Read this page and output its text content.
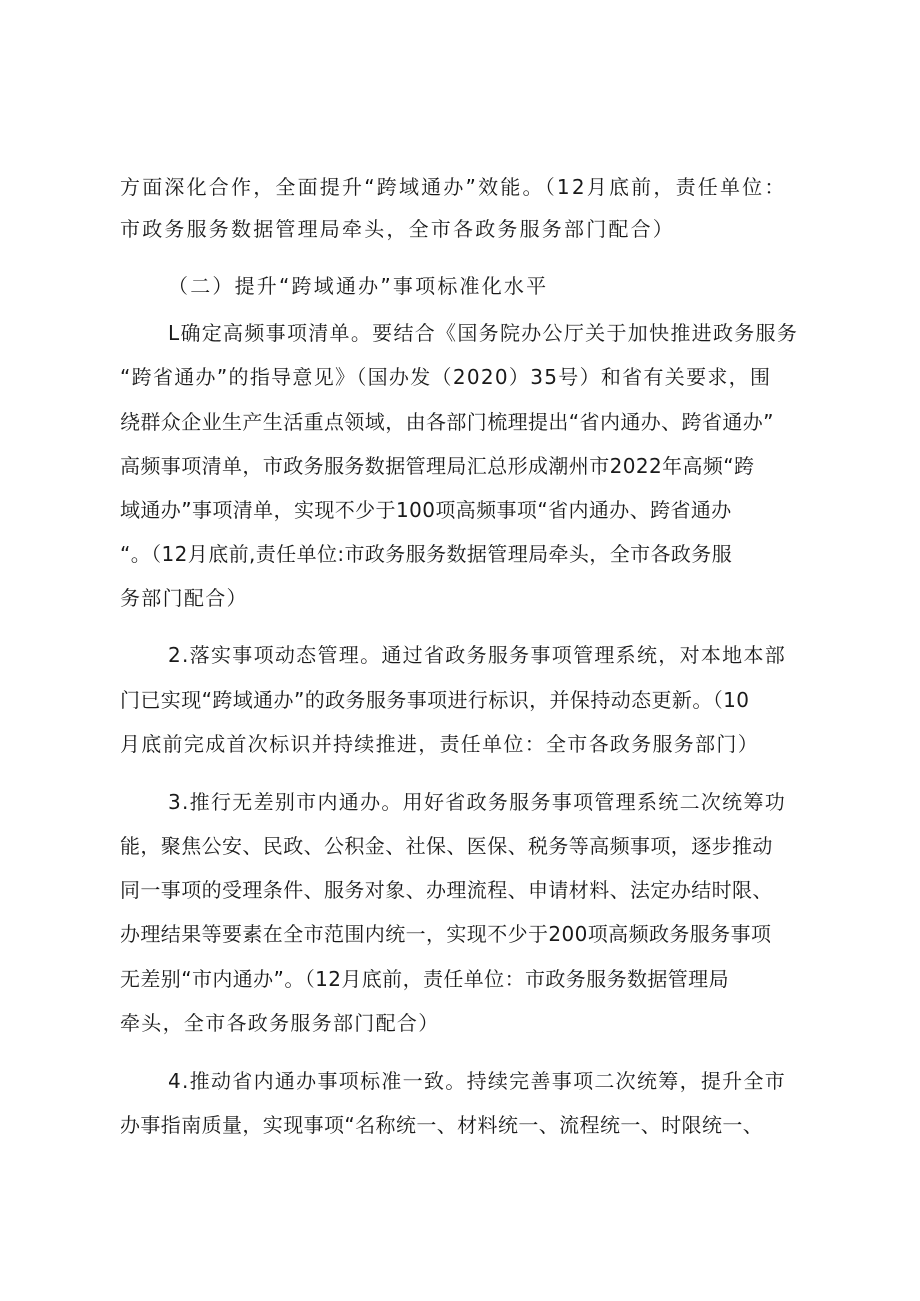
方面深化合作，全面提升“跨域通办”效能。（12月底前，责任单位：
市政务服务数据管理局牵头，全市各政务服务部门配合）
（二）提升“跨域通办”事项标准化水平
L确定高频事项清单。要结合《国务院办公厅关于加快推进政务服务
“跨省通办”的指导意见》（国办发（2020）35号）和省有关要求，围
绕群众企业生产生活重点领域，由各部门梳理提出“省内通办、跨省通办”
高频事项清单，市政务服务数据管理局汇总形成潮州市2022年高频“跨
域通办”事项清单，实现不少于100项高频事项“省内通办、跨省通办
“。（12月底前,责任单位:市政务服务数据管理局牵头，全市各政务服
务部门配合）
2.落实事项动态管理。通过省政务服务事项管理系统，对本地本部
门已实现“跨域通办”的政务服务事项进行标识，并保持动态更新。（10
月底前完成首次标识并持续推进，责任单位：全市各政务服务部门）
3.推行无差别市内通办。用好省政务服务事项管理系统二次统筹功
能，聚焦公安、民政、公积金、社保、医保、税务等高频事项，逐步推动
同一事项的受理条件、服务对象、办理流程、申请材料、法定办结时限、
办理结果等要素在全市范围内统一，实现不少于200项高频政务服务事项
无差别“市内通办”。（12月底前，责任单位：市政务服务数据管理局
牵头，全市各政务服务部门配合）
4.推动省内通办事项标准一致。持续完善事项二次统筹，提升全市
办事指南质量，实现事项“名称统一、材料统一、流程统一、时限统一、
